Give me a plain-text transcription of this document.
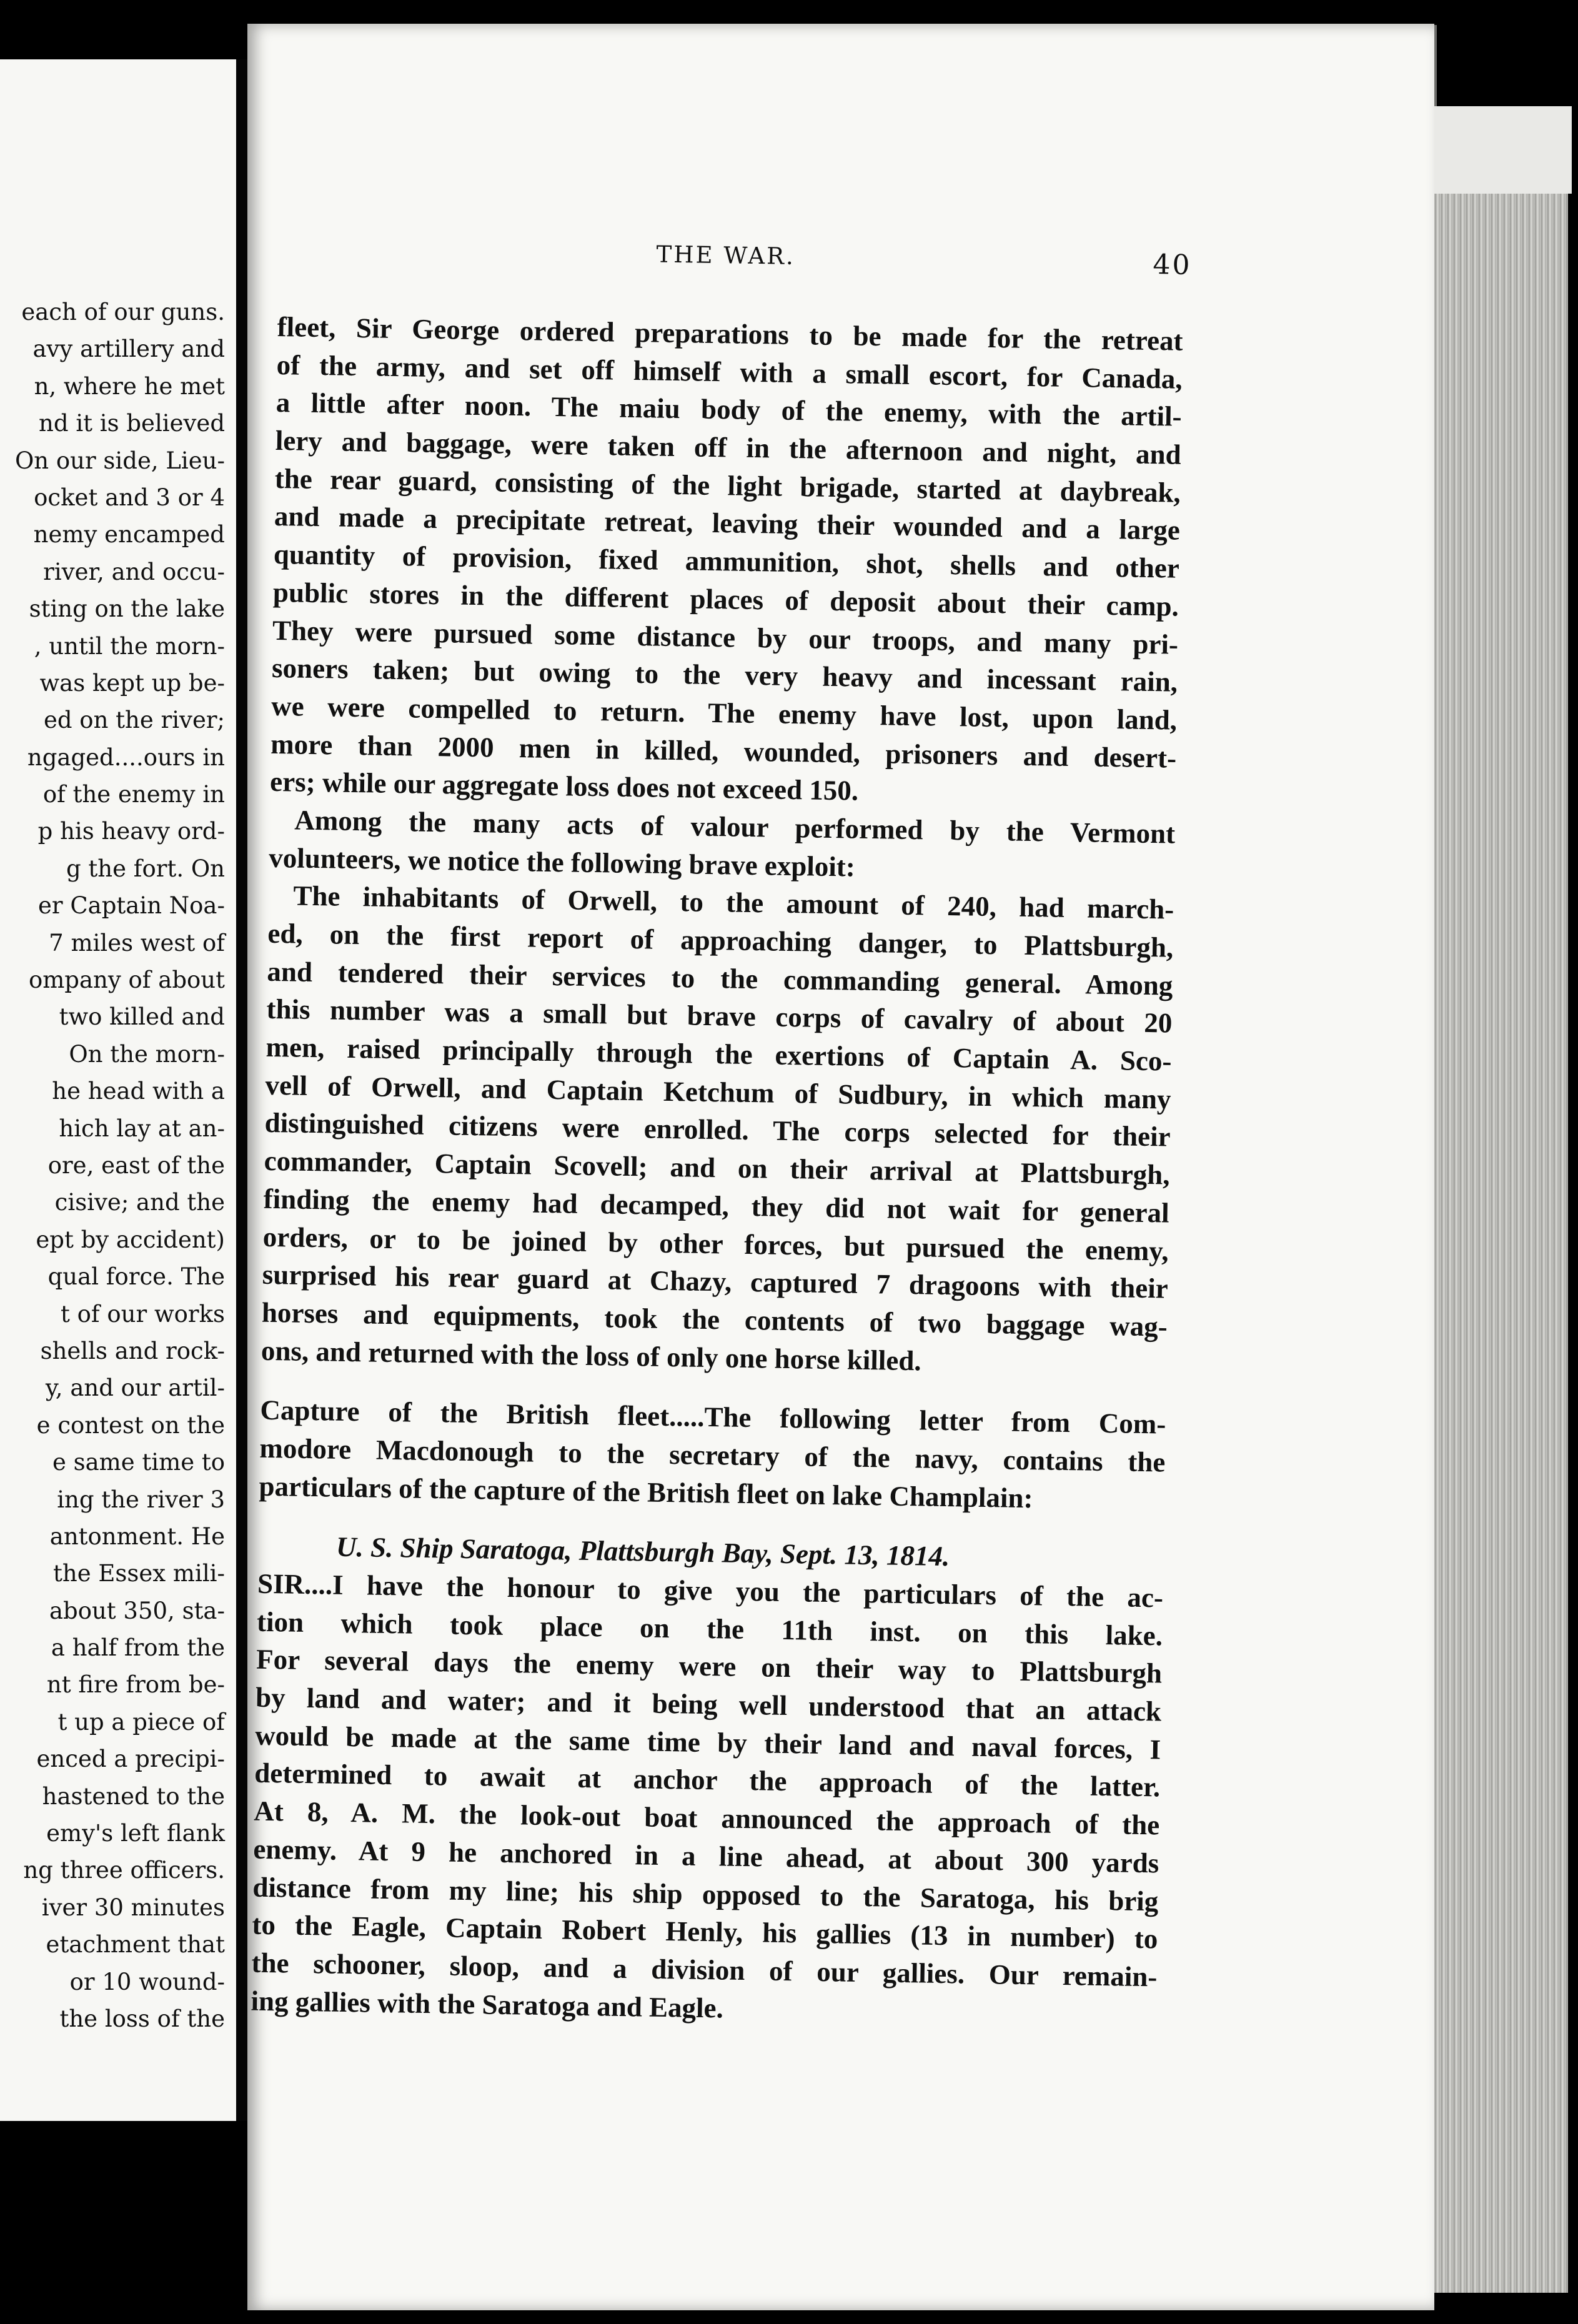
each of our guns.
avy artillery and
n, where he met
nd it is believed
On our side, Lieu-
ocket and 3 or 4
nemy encamped
river, and occu-
sting on the lake
, until the morn-
was kept up be-
ed on the river;
ngaged....ours in
of the enemy in
p his heavy ord-
g the fort. On
er Captain Noa-
7 miles west of
ompany of about
two killed and
On the morn-
he head with a
hich lay at an-
ore, east of the
cisive; and the
ept by accident)
qual force. The
t of our works
shells and rock-
y, and our artil-
e contest on the
e same time to
ing the river 3
antonment. He
the Essex mili-
about 350, sta-
a half from the
nt fire from be-
t up a piece of
enced a precipi-
hastened to the
emy's left flank
ng three officers.
iver 30 minutes
etachment that
or 10 wound-
the loss of the
THE WAR.	40
fleet, Sir George ordered preparations to be made for the retreat
of the army, and set off himself with a small escort, for Canada,
a little after noon. The maiu body of the enemy, with the artil-
lery and baggage, were taken off in the afternoon and night, and
the rear guard, consisting of the light brigade, started at daybreak,
and made a precipitate retreat, leaving their wounded and a large
quantity of provision, fixed ammunition, shot, shells and other
public stores in the different places of deposit about their camp.
They were pursued some distance by our troops, and many pri-
soners taken; but owing to the very heavy and incessant rain,
we were compelled to return. The enemy have lost, upon land,
more than 2000 men in killed, wounded, prisoners and desert-
ers; while our aggregate loss does not exceed 150.
Among the many acts of valour performed by the Vermont
volunteers, we notice the following brave exploit:
The inhabitants of Orwell, to the amount of 240, had march-
ed, on the first report of approaching danger, to Plattsburgh,
and tendered their services to the commanding general. Among
this number was a small but brave corps of cavalry of about 20
men, raised principally through the exertions of Captain A. Sco-
vell of Orwell, and Captain Ketchum of Sudbury, in which many
distinguished citizens were enrolled. The corps selected for their
commander, Captain Scovell; and on their arrival at Plattsburgh,
finding the enemy had decamped, they did not wait for general
orders, or to be joined by other forces, but pursued the enemy,
surprised his rear guard at Chazy, captured 7 dragoons with their
horses and equipments, took the contents of two baggage wag-
ons, and returned with the loss of only one horse killed.
Capture of the British fleet.....The following letter from Com-
modore Macdonough to the secretary of the navy, contains the
particulars of the capture of the British fleet on lake Champlain:
U. S. Ship Saratoga, Plattsburgh Bay, Sept. 13, 1814.
SIR....I have the honour to give you the particulars of the ac-
tion which took place on the 11th inst. on this lake.
For several days the enemy were on their way to Plattsburgh
by land and water; and it being well understood that an attack
would be made at the same time by their land and naval forces, I
determined to await at anchor the approach of the latter.
At 8, A. M. the look-out boat announced the approach of the
enemy. At 9 he anchored in a line ahead, at about 300 yards
distance from my line; his ship opposed to the Saratoga, his brig
to the Eagle, Captain Robert Henly, his gallies (13 in number) to
the schooner, sloop, and a division of our gallies. Our remain-
ing gallies with the Saratoga and Eagle.
